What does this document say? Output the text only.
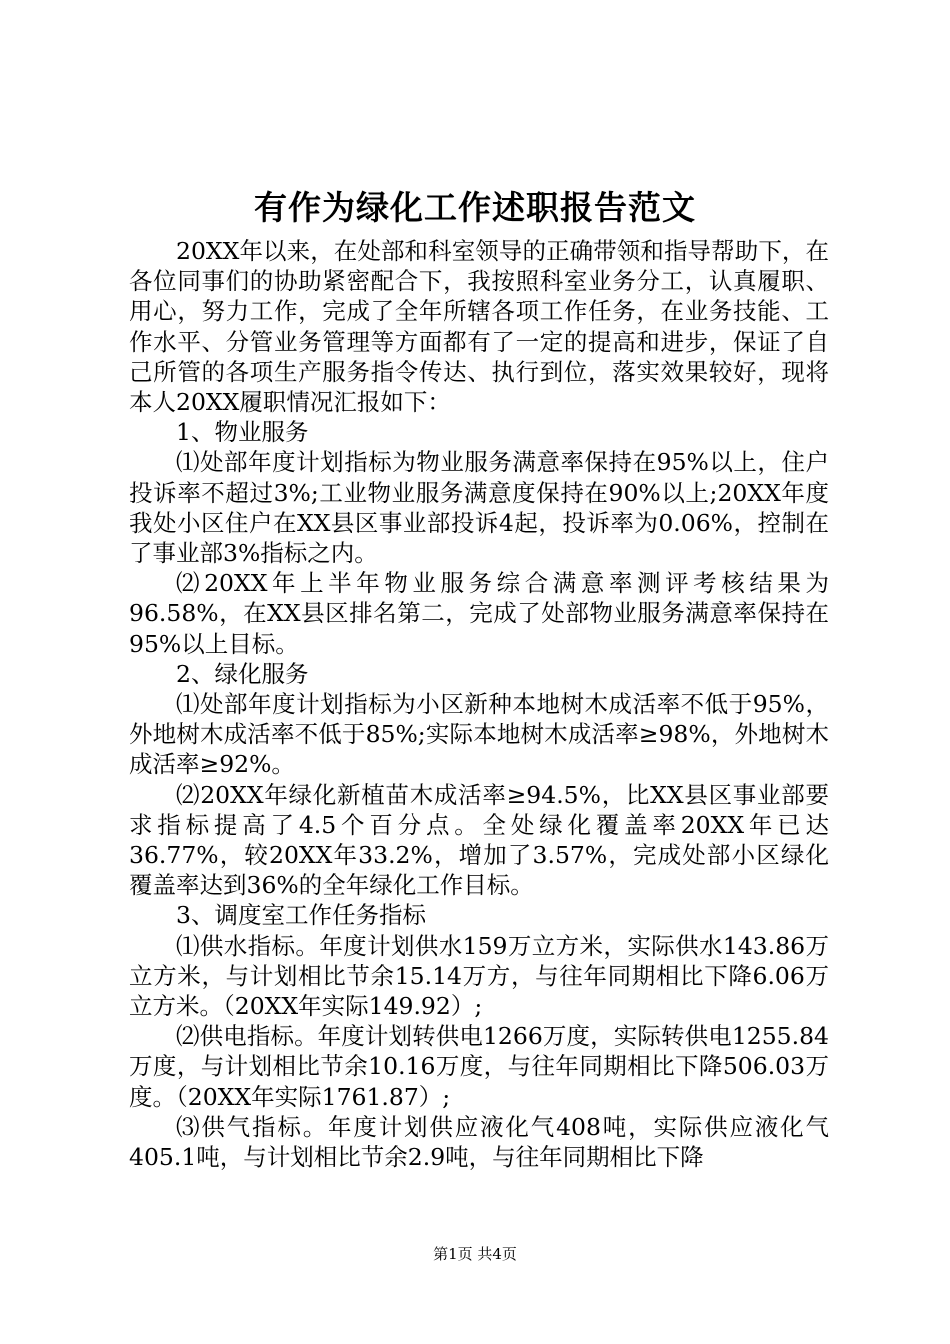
有作为绿化工作述职报告范文

20XX年以来，在处部和科室领导的正确带领和指导帮助下，在各位同事们的协助紧密配合下，我按照科室业务分工，认真履职、用心，努力工作，完成了全年所辖各项工作任务，在业务技能、工作水平、分管业务管理等方面都有了一定的提高和进步，保证了自己所管的各项生产服务指令传达、执行到位，落实效果较好，现将本人20XX履职情况汇报如下：

1、物业服务

⑴处部年度计划指标为物业服务满意率保持在95%以上，住户投诉率不超过3%;工业物业服务满意度保持在90%以上;20XX年度我处小区住户在XX县区事业部投诉4起，投诉率为0.06%，控制在了事业部3%指标之内。

⑵20XX年上半年物业服务综合满意率测评考核结果为96.58%，在XX县区排名第二，完成了处部物业服务满意率保持在95%以上目标。

2、绿化服务

⑴处部年度计划指标为小区新种本地树木成活率不低于95%，外地树木成活率不低于85%;实际本地树木成活率≥98%，外地树木成活率≥92%。

⑵20XX年绿化新植苗木成活率≥94.5%，比XX县区事业部要求指标提高了4.5个百分点。全处绿化覆盖率20XX年已达36.77%，较20XX年33.2%，增加了3.57%，完成处部小区绿化覆盖率达到36%的全年绿化工作目标。

3、调度室工作任务指标

⑴供水指标。年度计划供水159万立方米，实际供水143.86万立方米，与计划相比节余15.14万方，与往年同期相比下降6.06万立方米。（20XX年实际149.92）;

⑵供电指标。年度计划转供电1266万度，实际转供电1255.84万度，与计划相比节余10.16万度，与往年同期相比下降506.03万度。（20XX年实际1761.87）;

⑶供气指标。年度计划供应液化气408吨，实际供应液化气405.1吨，与计划相比节余2.9吨，与往年同期相比下降

第1页 共4页
